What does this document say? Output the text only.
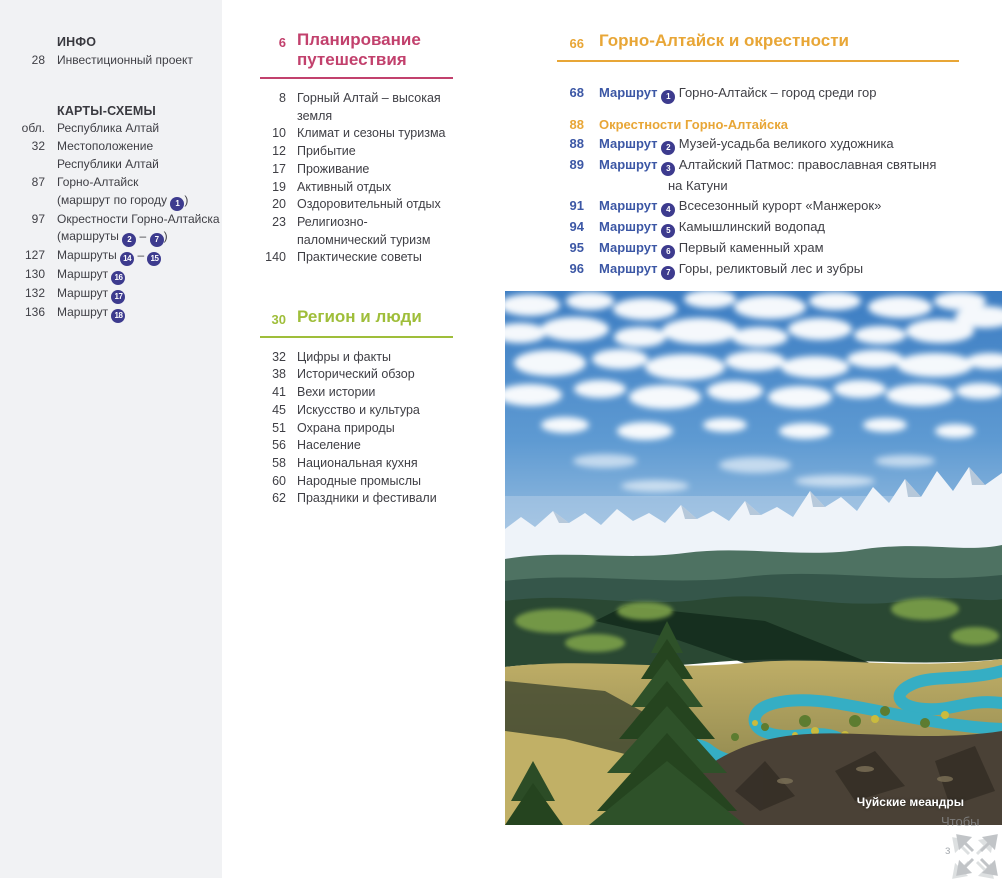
ИНФО
28 Инвестиционный проект
КАРТЫ-СХЕМЫ
обл. Республика Алтай
32 Местоположение
Республики Алтай
87 Горно-Алтайск
(маршрут по городу 1 )
97 Окрестности Горно-Алтайска
(маршруты 2 – 7 )
127 Маршруты 14 – 15
130 Маршрут 16
132 Маршрут 17
136 Маршрут 18
6 Планирование
путешествия
8 Горный Алтай – высокая
земля
10 Климат и сезоны туризма
12 Прибытие
17 Проживание
19 Активный отдых
20 Оздоровительный отдых
23 Религиозно-
паломнический туризм
140 Практические советы
30 Регион и люди
32 Цифры и факты
38 Исторический обзор
41 Вехи истории
45 Искусство и культура
51 Охрана природы
56 Население
58 Национальная кухня
60 Народные промыслы
62 Праздники и фестивали
66 Горно-Алтайск и окрестности
68 Маршрут 1 Горно-Алтайск – город среди гор
88 Окрестности Горно-Алтайска
88 Маршрут 2 Музей-усадьба великого художника
89 Маршрут 3 Алтайский Патмос: православная святыня
на Катуни
91 Маршрут 4 Всесезонный курорт «Манжерок»
94 Маршрут 5 Камышлинский водопад
95 Маршрут 6 Первый каменный храм
96 Маршрут 7 Горы, реликтовый лес и зубры
Чуйские меандры
Чтобы
з
